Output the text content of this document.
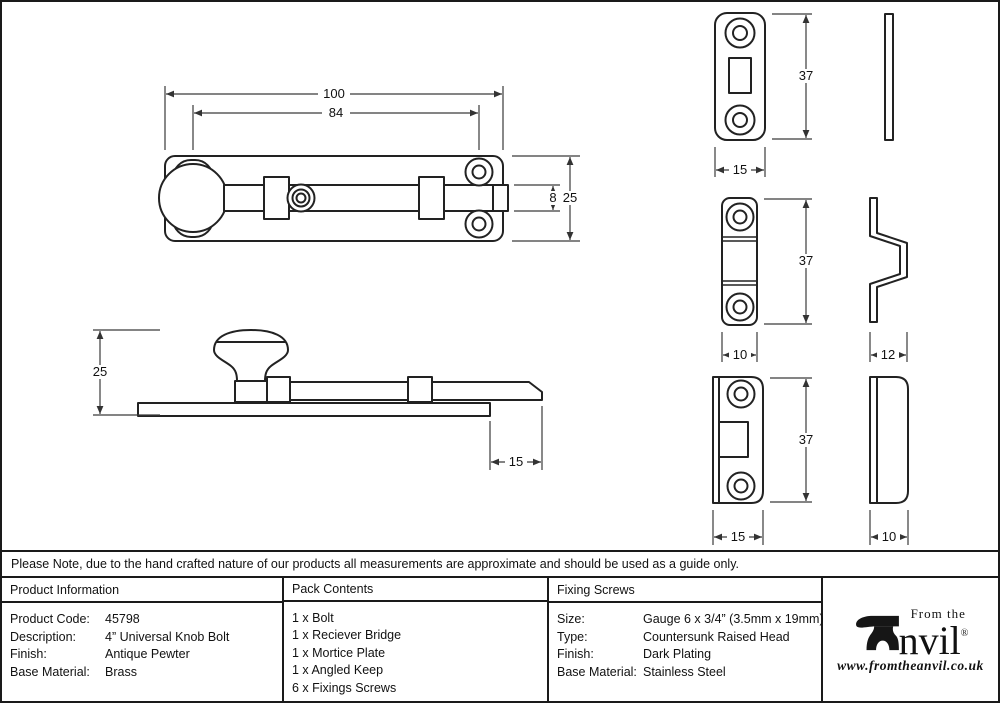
100
84
8 25
25
15
37
15
37
10	12
37
15	10
Please Note, due to the hand crafted nature of our products all measurements are approximate and should be used as a guide only.
Product Information
Product Code:	45798
Description:	4” Universal Knob Bolt
Finish:	Antique Pewter
Base Material:	Brass
Pack Contents
1 x Bolt
1 x Reciever Bridge
1 x Mortice Plate
1 x Angled Keep
6 x Fixings Screws
Fixing Screws
Size:	Gauge 6 x 3/4” (3.5mm x 19mm)
Type:	Countersunk Raised Head
Finish:	Dark Plating
Base Material: Stainless Steel
From the
nvil®
www.fromtheanvil.co.uk
